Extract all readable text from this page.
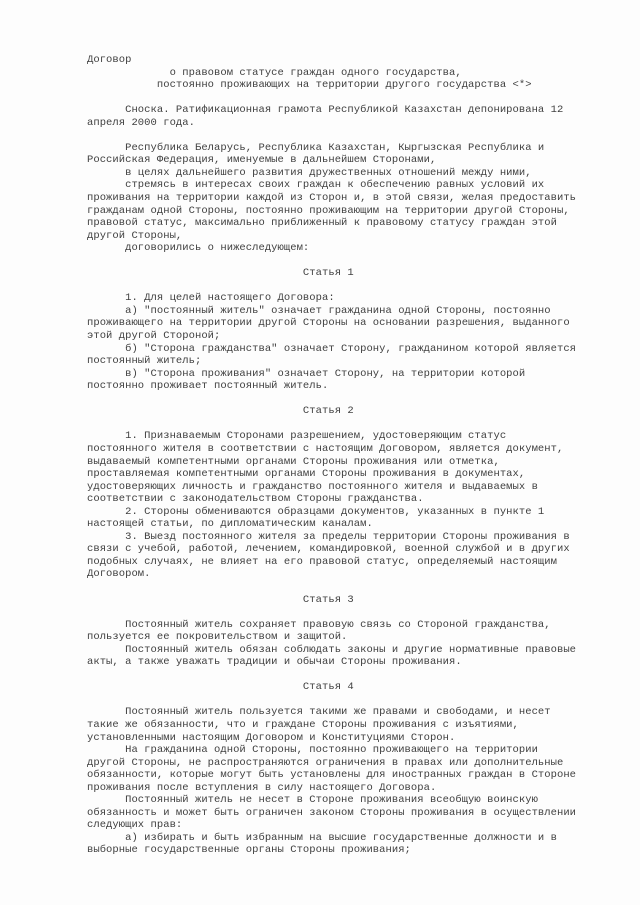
Договор
о правовом статусе граждан одного государства,
постоянно проживающих на территории другого государства <*>
Сноска. Ратификационная грамота Республикой Казахстан депонирована 12
апреля 2000 года.
Республика Беларусь, Республика Казахстан, Кыргызская Республика и
Российская Федерация, именуемые в дальнейшем Сторонами,
в целях дальнейшего развития дружественных отношений между ними,
стремясь в интересах своих граждан к обеспечению равных условий их
проживания на территории каждой из Сторон и, в этой связи, желая предоставить
гражданам одной Стороны, постоянно проживающим на территории другой Стороны,
правовой статус, максимально приближенный к правовому статусу граждан этой
другой Стороны,
договорились о нижеследующем:
Статья 1
1. Для целей настоящего Договора:
а) "постоянный житель" означает гражданина одной Стороны, постоянно
проживающего на территории другой Стороны на основании разрешения, выданного
этой другой Стороной;
б) "Сторона гражданства" означает Сторону, гражданином которой является
постоянный житель;
в) "Сторона проживания" означает Сторону, на территории которой
постоянно проживает постоянный житель.
Статья 2
1. Признаваемым Сторонами разрешением, удостоверяющим статус
постоянного жителя в соответствии с настоящим Договором, является документ,
выдаваемый компетентными органами Стороны проживания или отметка,
проставляемая компетентными органами Стороны проживания в документах,
удостоверяющих личность и гражданство постоянного жителя и выдаваемых в
соответствии с законодательством Стороны гражданства.
2. Стороны обмениваются образцами документов, указанных в пункте 1
настоящей статьи, по дипломатическим каналам.
3. Выезд постоянного жителя за пределы территории Стороны проживания в
связи с учебой, работой, лечением, командировкой, военной службой и в других
подобных случаях, не влияет на его правовой статус, определяемый настоящим
Договором.
Статья 3
Постоянный житель сохраняет правовую связь со Стороной гражданства,
пользуется ее покровительством и защитой.
Постоянный житель обязан соблюдать законы и другие нормативные правовые
акты, а также уважать традиции и обычаи Стороны проживания.
Статья 4
Постоянный житель пользуется такими же правами и свободами, и несет
такие же обязанности, что и граждане Стороны проживания с изъятиями,
установленными настоящим Договором и Конституциями Сторон.
На гражданина одной Стороны, постоянно проживающего на территории
другой Стороны, не распространяются ограничения в правах или дополнительные
обязанности, которые могут быть установлены для иностранных граждан в Стороне
проживания после вступления в силу настоящего Договора.
Постоянный житель не несет в Стороне проживания всеобщую воинскую
обязанность и может быть ограничен законом Стороны проживания в осуществлении
следующих прав:
а) избирать и быть избранным на высшие государственные должности и в
выборные государственные органы Стороны проживания;
